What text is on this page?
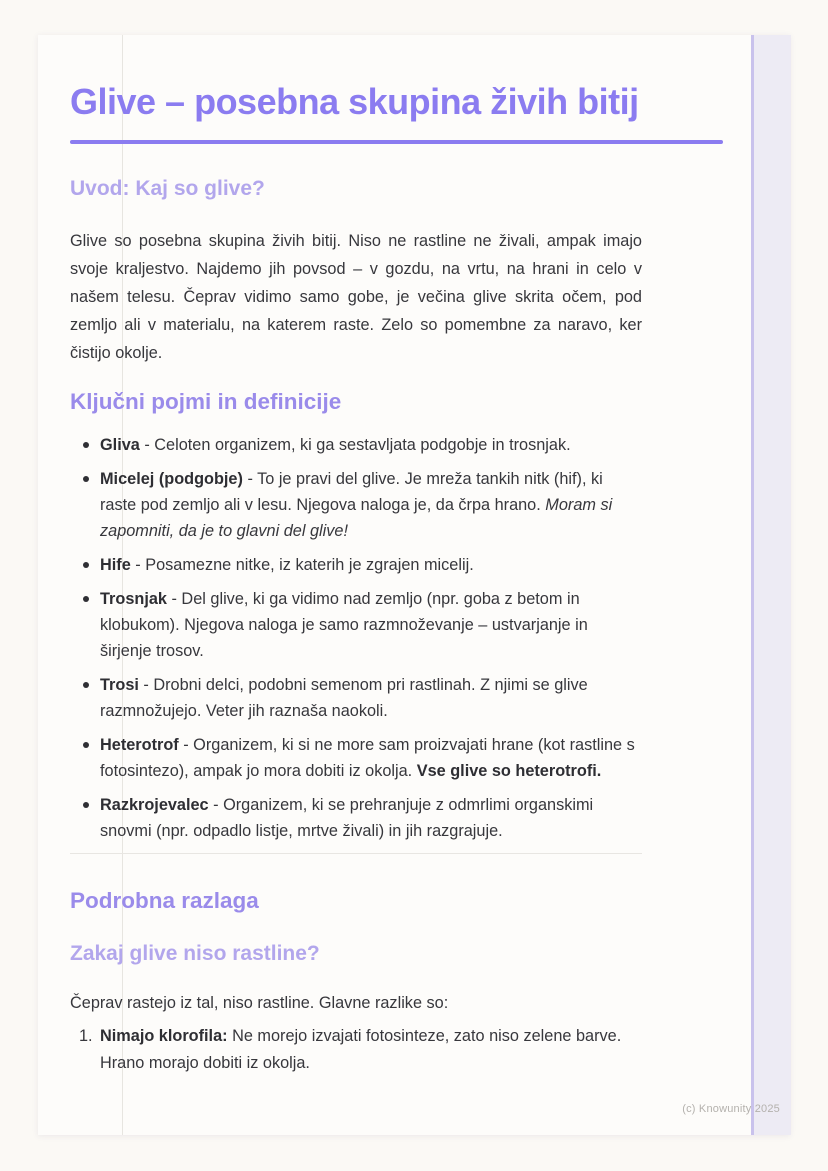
Glive – posebna skupina živih bitij
Uvod: Kaj so glive?

Glive so posebna skupina živih bitij. Niso ne rastline ne živali, ampak imajo svoje kraljestvo. Najdemo jih povsod – v gozdu, na vrtu, na hrani in celo v našem telesu. Čeprav vidimo samo gobe, je večina glive skrita očem, pod zemljo ali v materialu, na katerem raste. Zelo so pomembne za naravo, ker čistijo okolje.

Ključni pojmi in definicije
Gliva - Celoten organizem, ki ga sestavljata podgobje in trosnjak.
Micelej (podgobje) - To je pravi del glive. Je mreža tankih nitk (hif), ki raste pod zemljo ali v lesu. Njegova naloga je, da črpa hrano. Moram si zapomniti, da je to glavni del glive!
Hife - Posamezne nitke, iz katerih je zgrajen micelij.
Trosnjak - Del glive, ki ga vidimo nad zemljo (npr. goba z betom in klobukom). Njegova naloga je samo razmnoževanje – ustvarjanje in širjenje trosov.
Trosi - Drobni delci, podobni semenom pri rastlinah. Z njimi se glive razmnožujejo. Veter jih raznaša naokoli.
Heterotrof - Organizem, ki si ne more sam proizvajati hrane (kot rastline s fotosintezo), ampak jo mora dobiti iz okolja. Vse glive so heterotrofi.
Razkrojevalec - Organizem, ki se prehranjuje z odmrlimi organskimi snovmi (npr. odpadlo listje, mrtve živali) in jih razgrajuje.
Podrobna razlaga
Zakaj glive niso rastline?

Čeprav rastejo iz tal, niso rastline. Glavne razlike so:

1. Nimajo klorofila: Ne morejo izvajati fotosinteze, zato niso zelene barve. Hrano morajo dobiti iz okolja.
(c) Knowunity 2025
